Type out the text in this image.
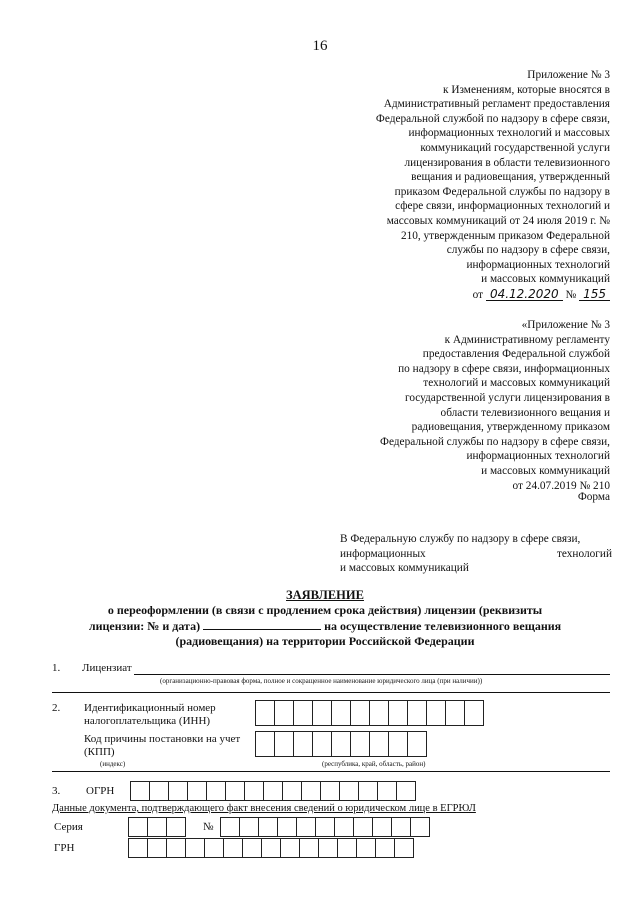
16
Приложение № 3
к Изменениям, которые вносятся в
Административный регламент предоставления
Федеральной службой по надзору в сфере связи,
информационных технологий и массовых
коммуникаций государственной услуги
лицензирования в области телевизионного
вещания и радиовещания, утвержденный
приказом Федеральной службы по надзору в
сфере связи, информационных технологий и
массовых коммуникаций от 24 июля 2019 г. №
210, утвержденным приказом Федеральной
службы по надзору в сфере связи,
информационных технологий
и массовых коммуникаций
от 04.12.2020 № 155
«Приложение № 3
к Административному регламенту
предоставления Федеральной службой
по надзору в сфере связи, информационных
технологий и массовых коммуникаций
государственной услуги лицензирования в
области телевизионного вещания и
радиовещания, утвержденному приказом
Федеральной службы по надзору в сфере связи,
информационных технологий
и массовых коммуникаций
от 24.07.2019 № 210
Форма
В Федеральную службу по надзору в сфере связи,
информационных	технологий
и массовых коммуникаций
ЗАЯВЛЕНИЕ
о переоформлении (в связи с продлением срока действия) лицензии (реквизиты
лицензии: № и дата)	на осуществление телевизионного вещания
(радиовещания) на территории Российской Федерации
1. Лицензиат
(организационно-правовая форма, полное и сокращенное наименование юридического лица (при наличии))
2. Идентификационный номер
налогоплательщика (ИНН)
Код причины постановки на учет
(КПП)
(индекс)	(республика, край, область, район)
3. ОГРН
Данные документа, подтверждающего факт внесения сведений о юридическом лице в ЕГРЮЛ
Серия	№
ГРН
